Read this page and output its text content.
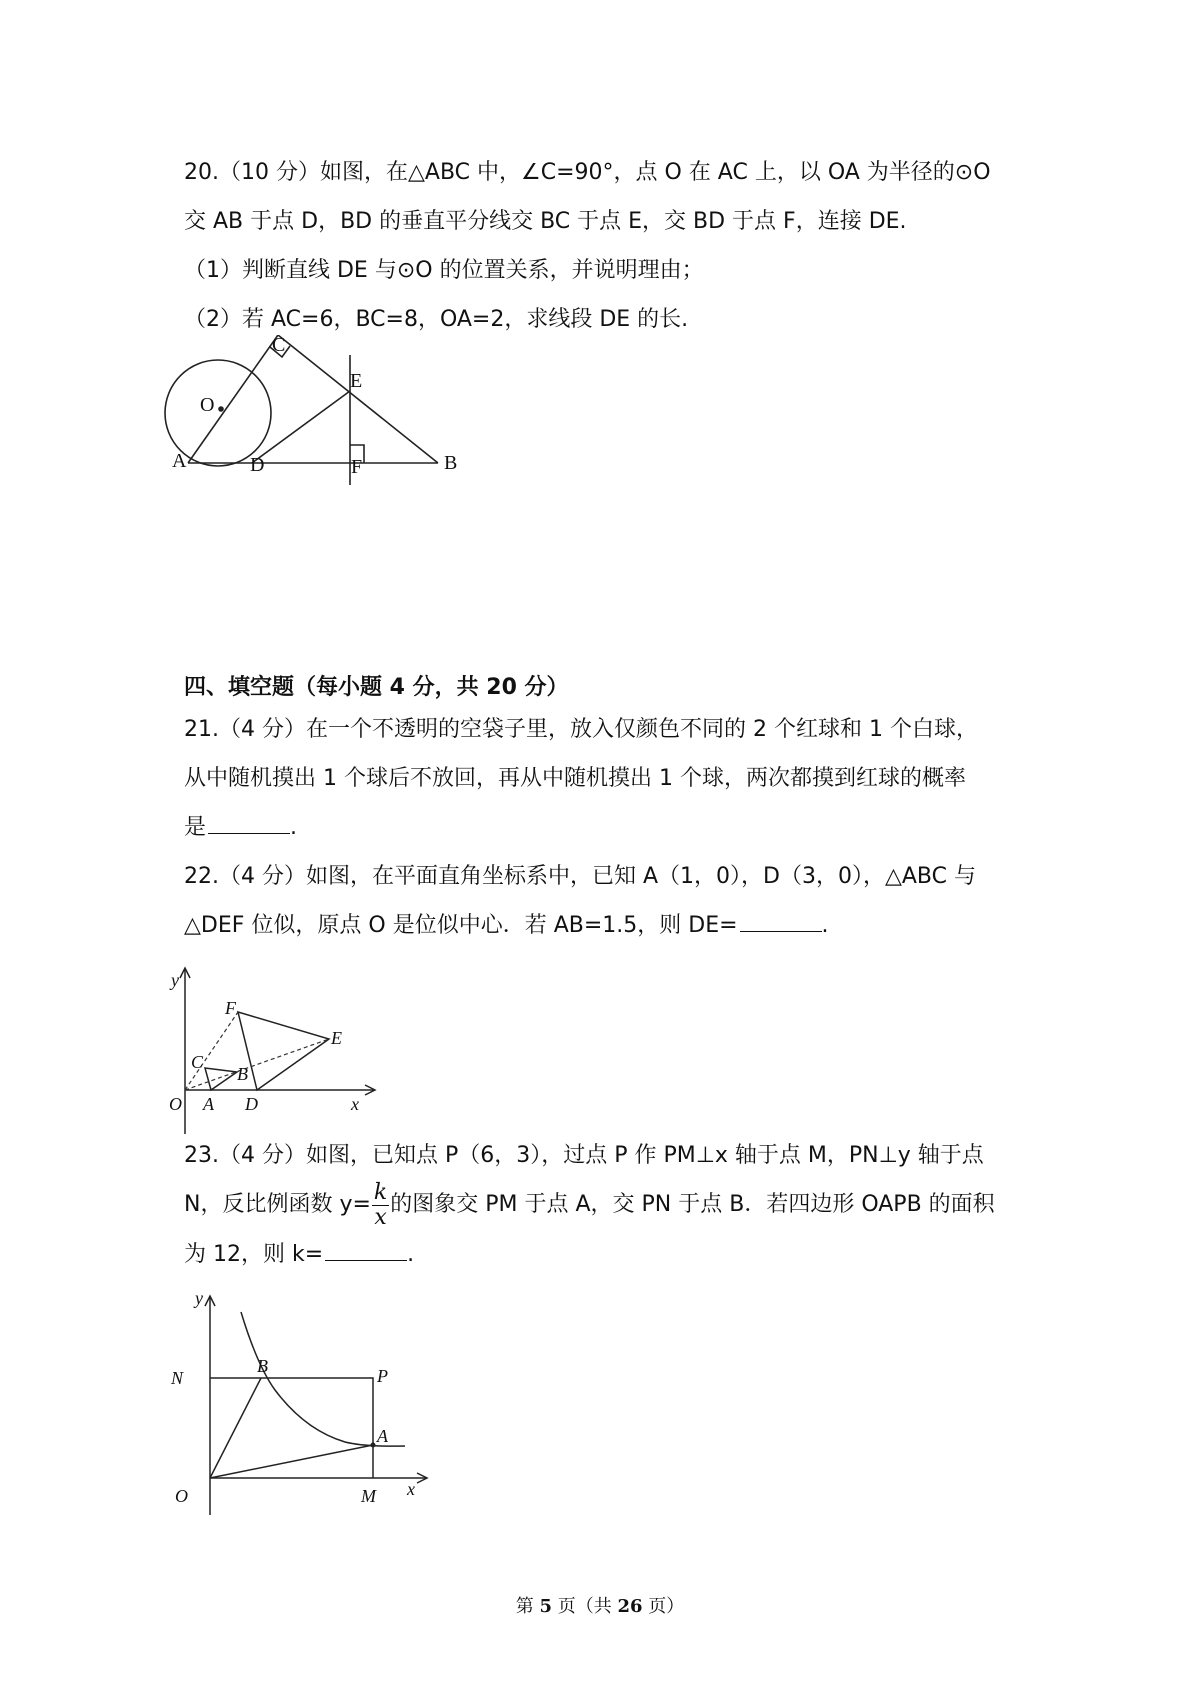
20.（10 分）如图，在△ABC 中，∠C=90°，点 O 在 AC 上，以 OA 为半径的⊙O
交 AB 于点 D，BD 的垂直平分线交 BC 于点 E，交 BD 于点 F，连接 DE.
（1）判断直线 DE 与⊙O 的位置关系，并说明理由；
（2）若 AC=6，BC=8，OA=2，求线段 DE 的长.
C
O
E
A	D	F	B
四、填空题（每小题 4 分，共 20 分）
21.（4 分）在一个不透明的空袋子里，放入仅颜色不同的 2 个红球和 1 个白球，
从中随机摸出 1 个球后不放回，再从中随机摸出 1 个球，两次都摸到红球的概率
是	.
22.（4 分）如图，在平面直角坐标系中，已知 A（1，0），D（3，0），△ABC 与
△DEF 位似，原点 O 是位似中心．若 AB=1.5，则 DE=	.
y
x
O A
B
C
D
E
F
23.（4 分）如图，已知点 P（6，3），过点 P 作 PM⊥x 轴于点 M，PN⊥y 轴于点
N，反比例函数 $y= \frac{k}{x}$ 的图象交 PM 于点 A，交 PN 于点 B．若四边形 OAPB 的面积
为 12，则 k=	.
y
x
O
N
B	P
A
M
第 5 页（共 26 页）
